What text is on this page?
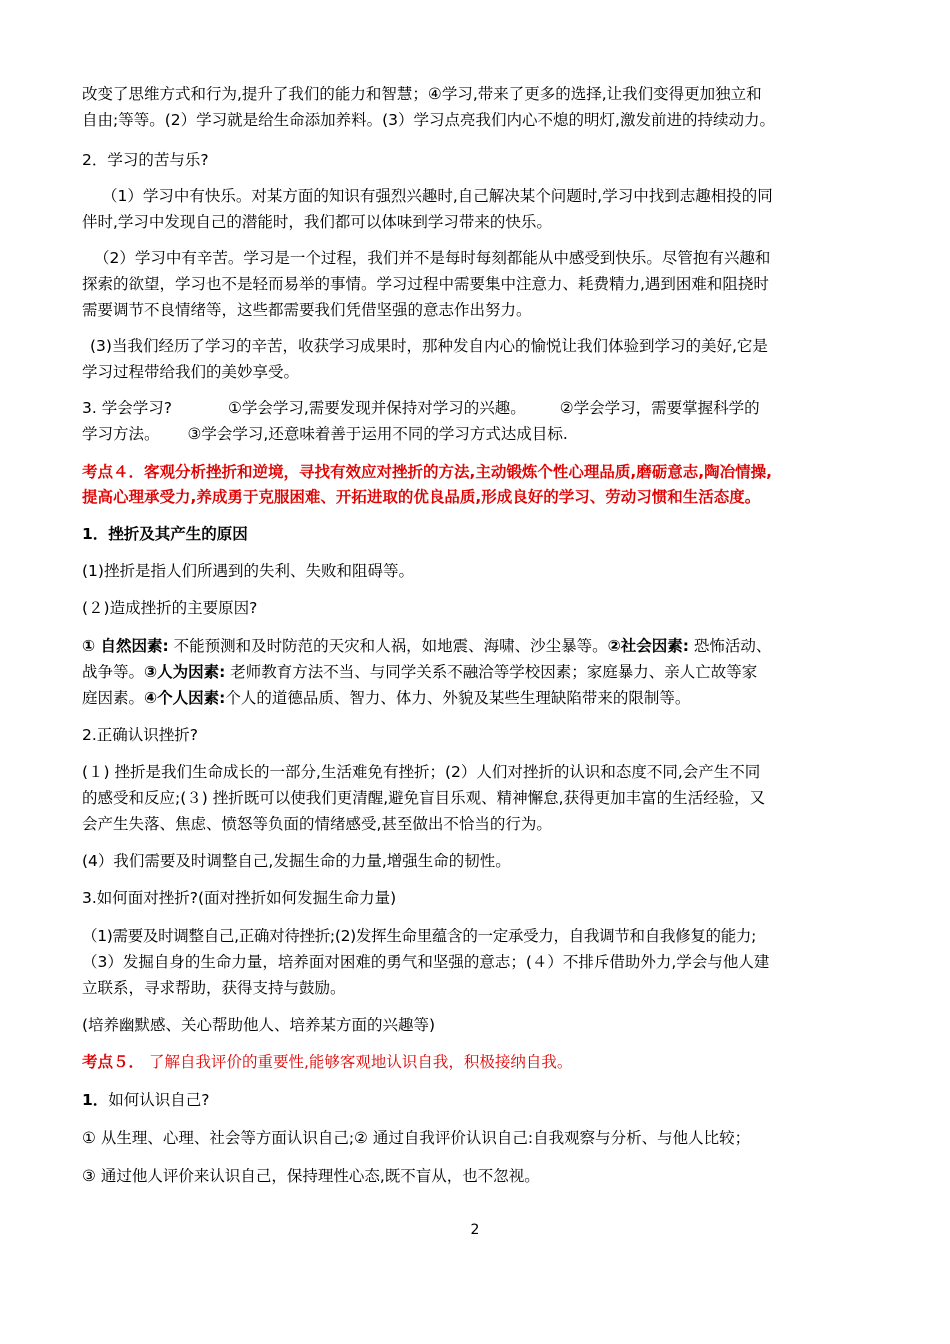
改变了思维方式和行为,提升了我们的能力和智慧；④学习,带来了更多的选择,让我们变得更加独立和

自由;等等。(2）学习就是给生命添加养料。(3）学习点亮我们内心不熄的明灯,激发前进的持续动力。

2．学习的苦与乐?

（1）学习中有快乐。对某方面的知识有强烈兴趣时,自己解决某个问题时,学习中找到志趣相投的同

伴时,学习中发现自己的潜能时，我们都可以体味到学习带来的快乐。

（2）学习中有辛苦。学习是一个过程，我们并不是每时每刻都能从中感受到快乐。尽管抱有兴趣和

探索的欲望，学习也不是轻而易举的事情。学习过程中需要集中注意力、耗费精力,遇到困难和阻挠时

需要调节不良情绪等，这些都需要我们凭借坚强的意志作出努力。

(3)当我们经历了学习的辛苦，收获学习成果时，那种发自内心的愉悦让我们体验到学习的美好,它是

学习过程带给我们的美妙享受。

3. 学会学习?	①学会学习,需要发现并保持对学习的兴趣。 ②学会学习，需要掌握科学的

学习方法。 ③学会学习,还意味着善于运用不同的学习方式达成目标.

考点４．客观分析挫折和逆境，寻找有效应对挫折的方法,主动锻炼个性心理品质,磨砺意志,陶冶情操,

提高心理承受力,养成勇于克服困难、开拓进取的优良品质,形成良好的学习、劳动习惯和生活态度。

1．挫折及其产生的原因

(1)挫折是指人们所遇到的失利、失败和阻碍等。

(２)造成挫折的主要原因?

① 自然因素: 不能预测和及时防范的天灾和人祸，如地震、海啸、沙尘暴等。②社会因素: 恐怖活动、

战争等。③人为因素: 老师教育方法不当、与同学关系不融洽等学校因素；家庭暴力、亲人亡故等家

庭因素。④个人因素:个人的道德品质、智力、体力、外貌及某些生理缺陷带来的限制等。

2.正确认识挫折?

(１) 挫折是我们生命成长的一部分,生活难免有挫折；(2）人们对挫折的认识和态度不同,会产生不同

的感受和反应;(３) 挫折既可以使我们更清醒,避免盲目乐观、精神懈怠,获得更加丰富的生活经验，又

会产生失落、焦虑、愤怒等负面的情绪感受,甚至做出不恰当的行为。

(4）我们需要及时调整自己,发掘生命的力量,增强生命的韧性。

3.如何面对挫折?(面对挫折如何发掘生命力量)

（1)需要及时调整自己,正确对待挫折;(2)发挥生命里蕴含的一定承受力，自我调节和自我修复的能力;

（3）发掘自身的生命力量，培养面对困难的勇气和坚强的意志；(４）不排斥借助外力,学会与他人建

立联系，寻求帮助，获得支持与鼓励。

(培养幽默感、关心帮助他人、培养某方面的兴趣等)

考点５． 了解自我评价的重要性,能够客观地认识自我，积极接纳自我。

1．如何认识自己?

① 从生理、心理、社会等方面认识自己;② 通过自我评价认识自己:自我观察与分析、与他人比较；

③ 通过他人评价来认识自己，保持理性心态,既不盲从，也不忽视。

2
